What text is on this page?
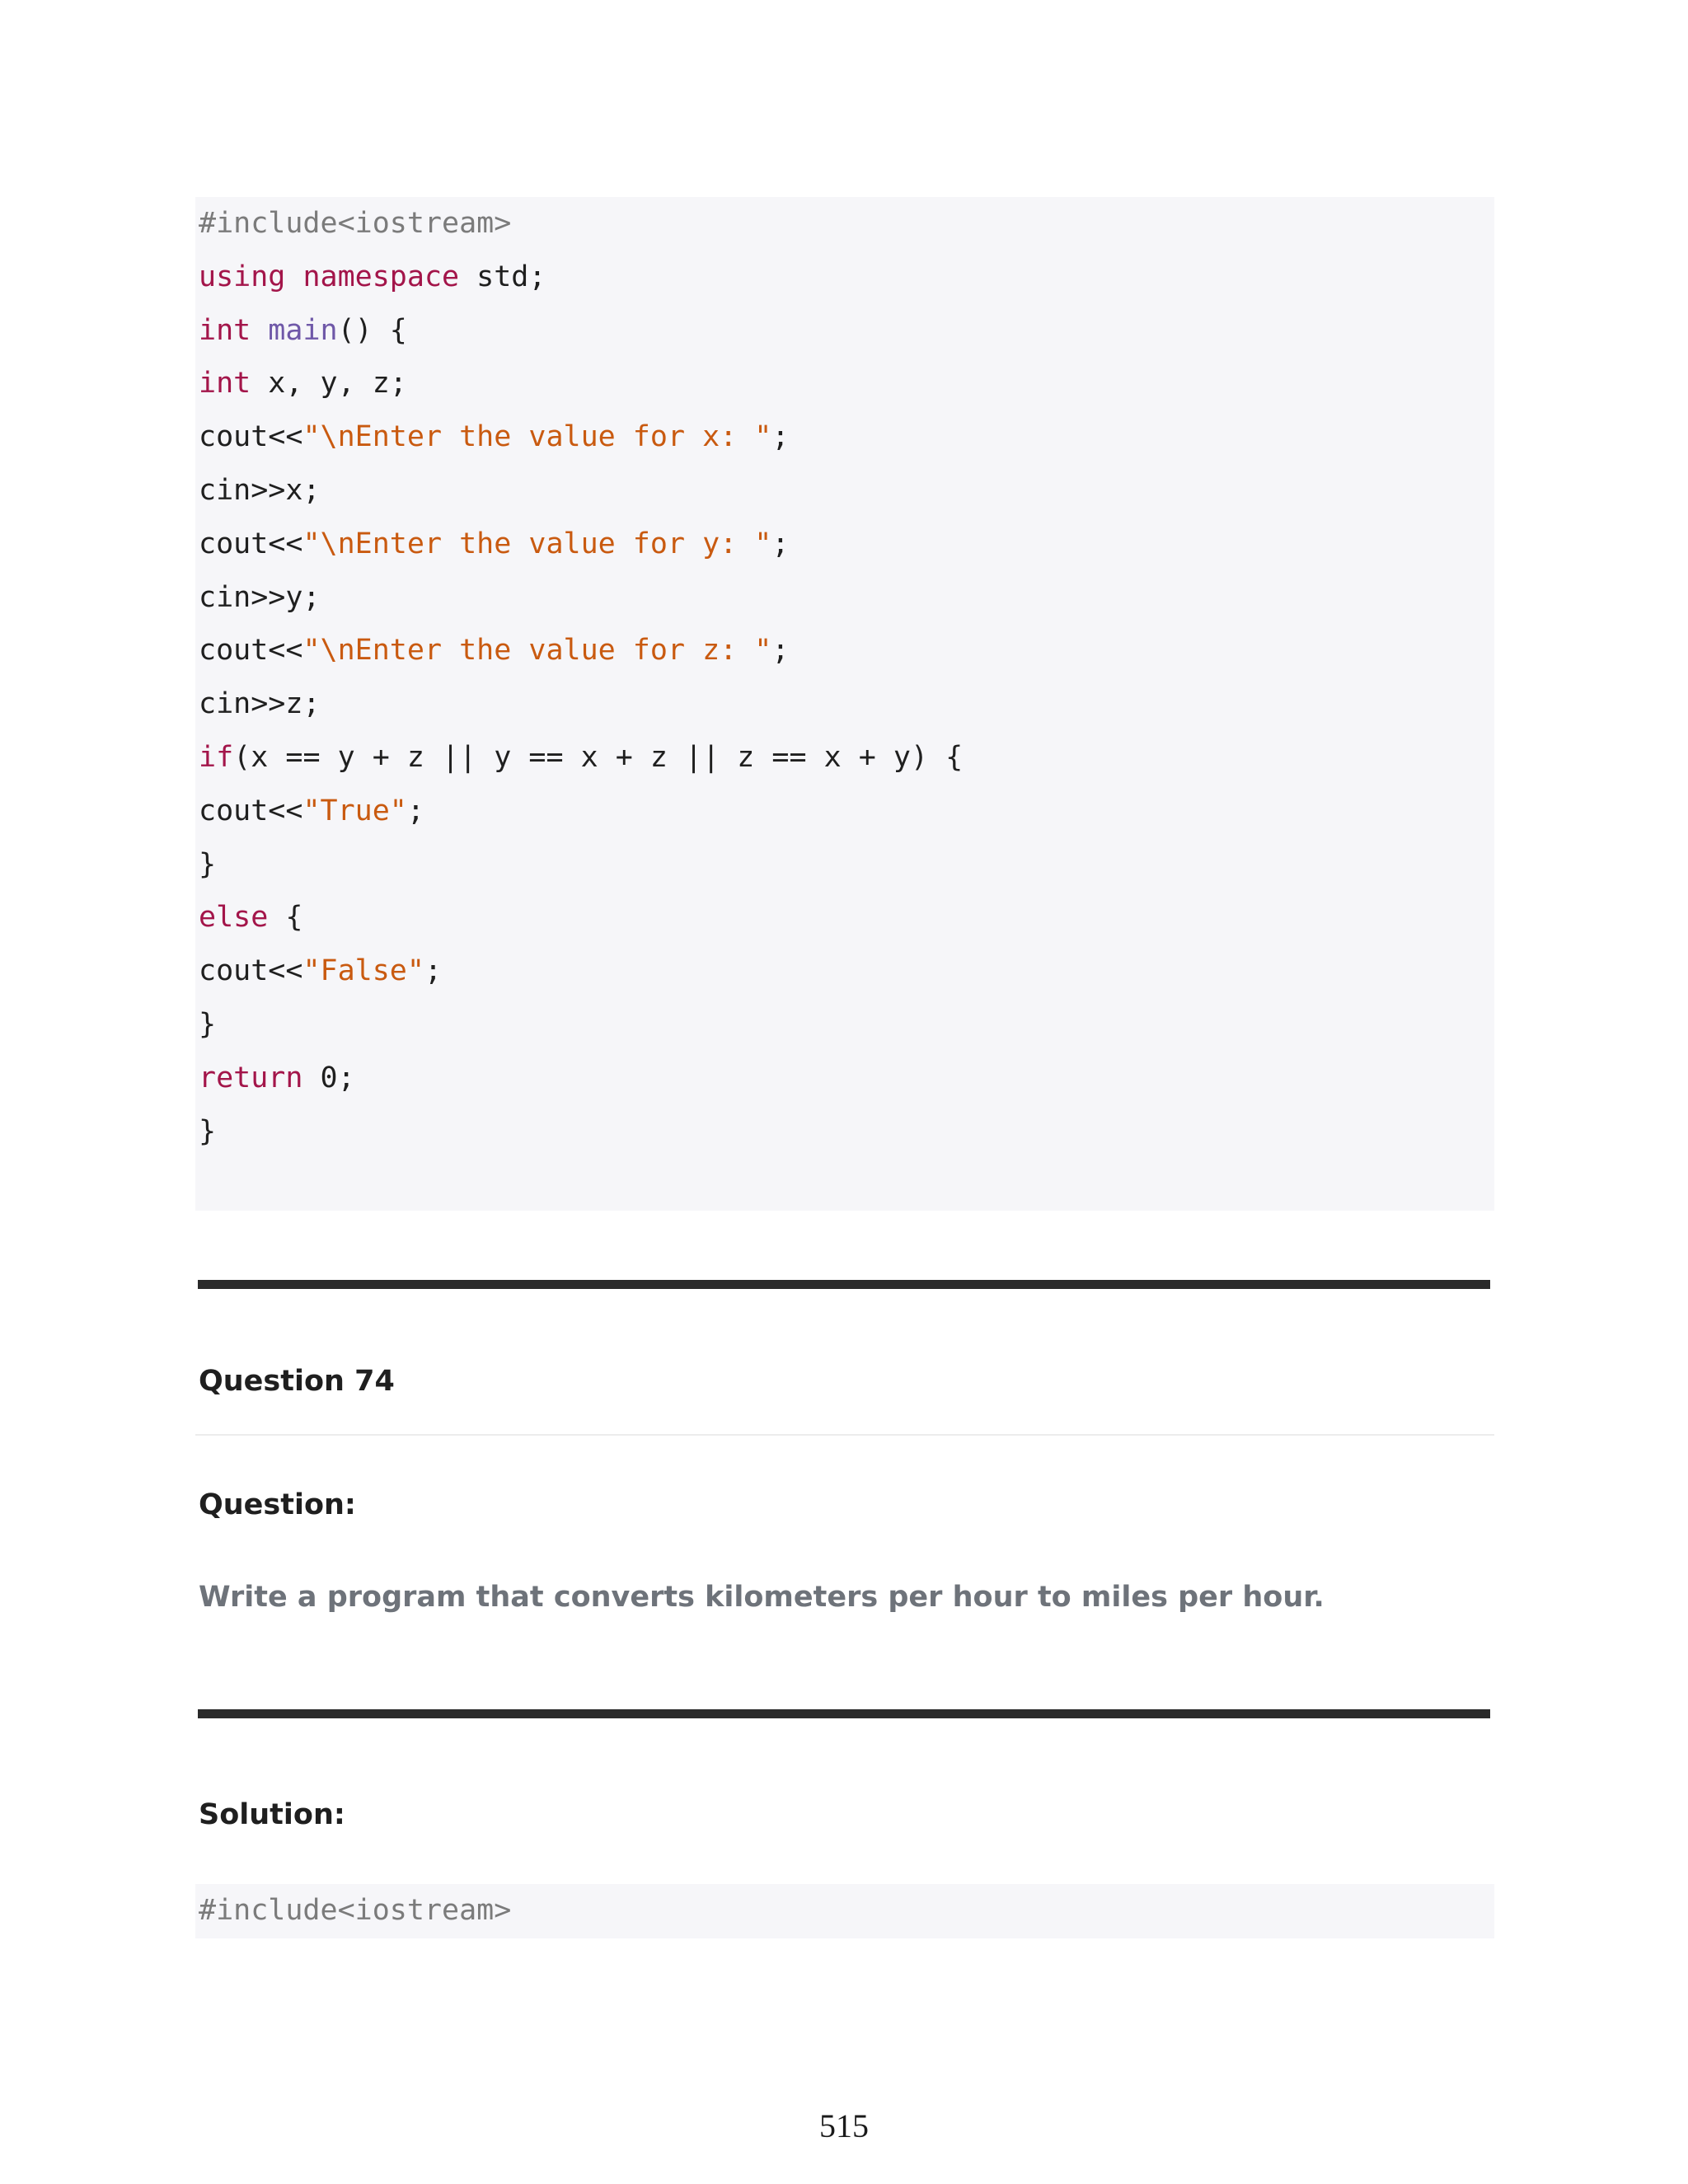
#include<iostream>
using namespace std;
int main() {
int x, y, z;
cout<<"\nEnter the value for x: ";
cin>>x;
cout<<"\nEnter the value for y: ";
cin>>y;
cout<<"\nEnter the value for z: ";
cin>>z;
if(x == y + z || y == x + z || z == x + y) {
cout<<"True";
}
else {
cout<<"False";
}
return 0;
}
Question 74
Question:

Write a program that converts kilometers per hour to miles per hour.

Solution:
#include<iostream>
515
